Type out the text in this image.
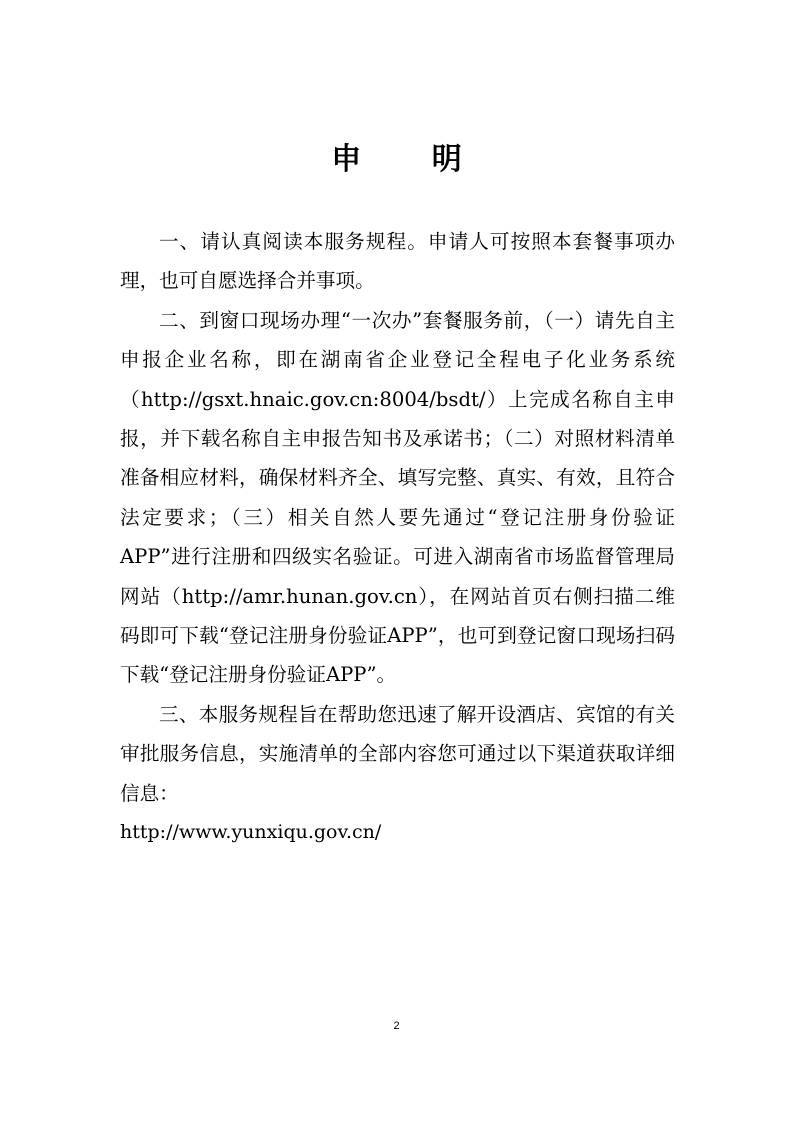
申 明

一、请认真阅读本服务规程。申请人可按照本套餐事项办理，也可自愿选择合并事项。

二、到窗口现场办理“一次办”套餐服务前，（一）请先自主申报企业名称，即在湖南省企业登记全程电子化业务系统（http://gsxt.hnaic.gov.cn:8004/bsdt/）上完成名称自主申报，并下载名称自主申报告知书及承诺书；（二）对照材料清单准备相应材料，确保材料齐全、填写完整、真实、有效，且符合法定要求；（三）相关自然人要先通过“登记注册身份验证APP”进行注册和四级实名验证。可进入湖南省市场监督管理局网站（http://amr.hunan.gov.cn），在网站首页右侧扫描二维码即可下载“登记注册身份验证APP”，也可到登记窗口现场扫码下载“登记注册身份验证APP”。

三、本服务规程旨在帮助您迅速了解开设酒店、宾馆的有关审批服务信息，实施清单的全部内容您可通过以下渠道获取详细信息：

http://www.yunxiqu.gov.cn/

2
